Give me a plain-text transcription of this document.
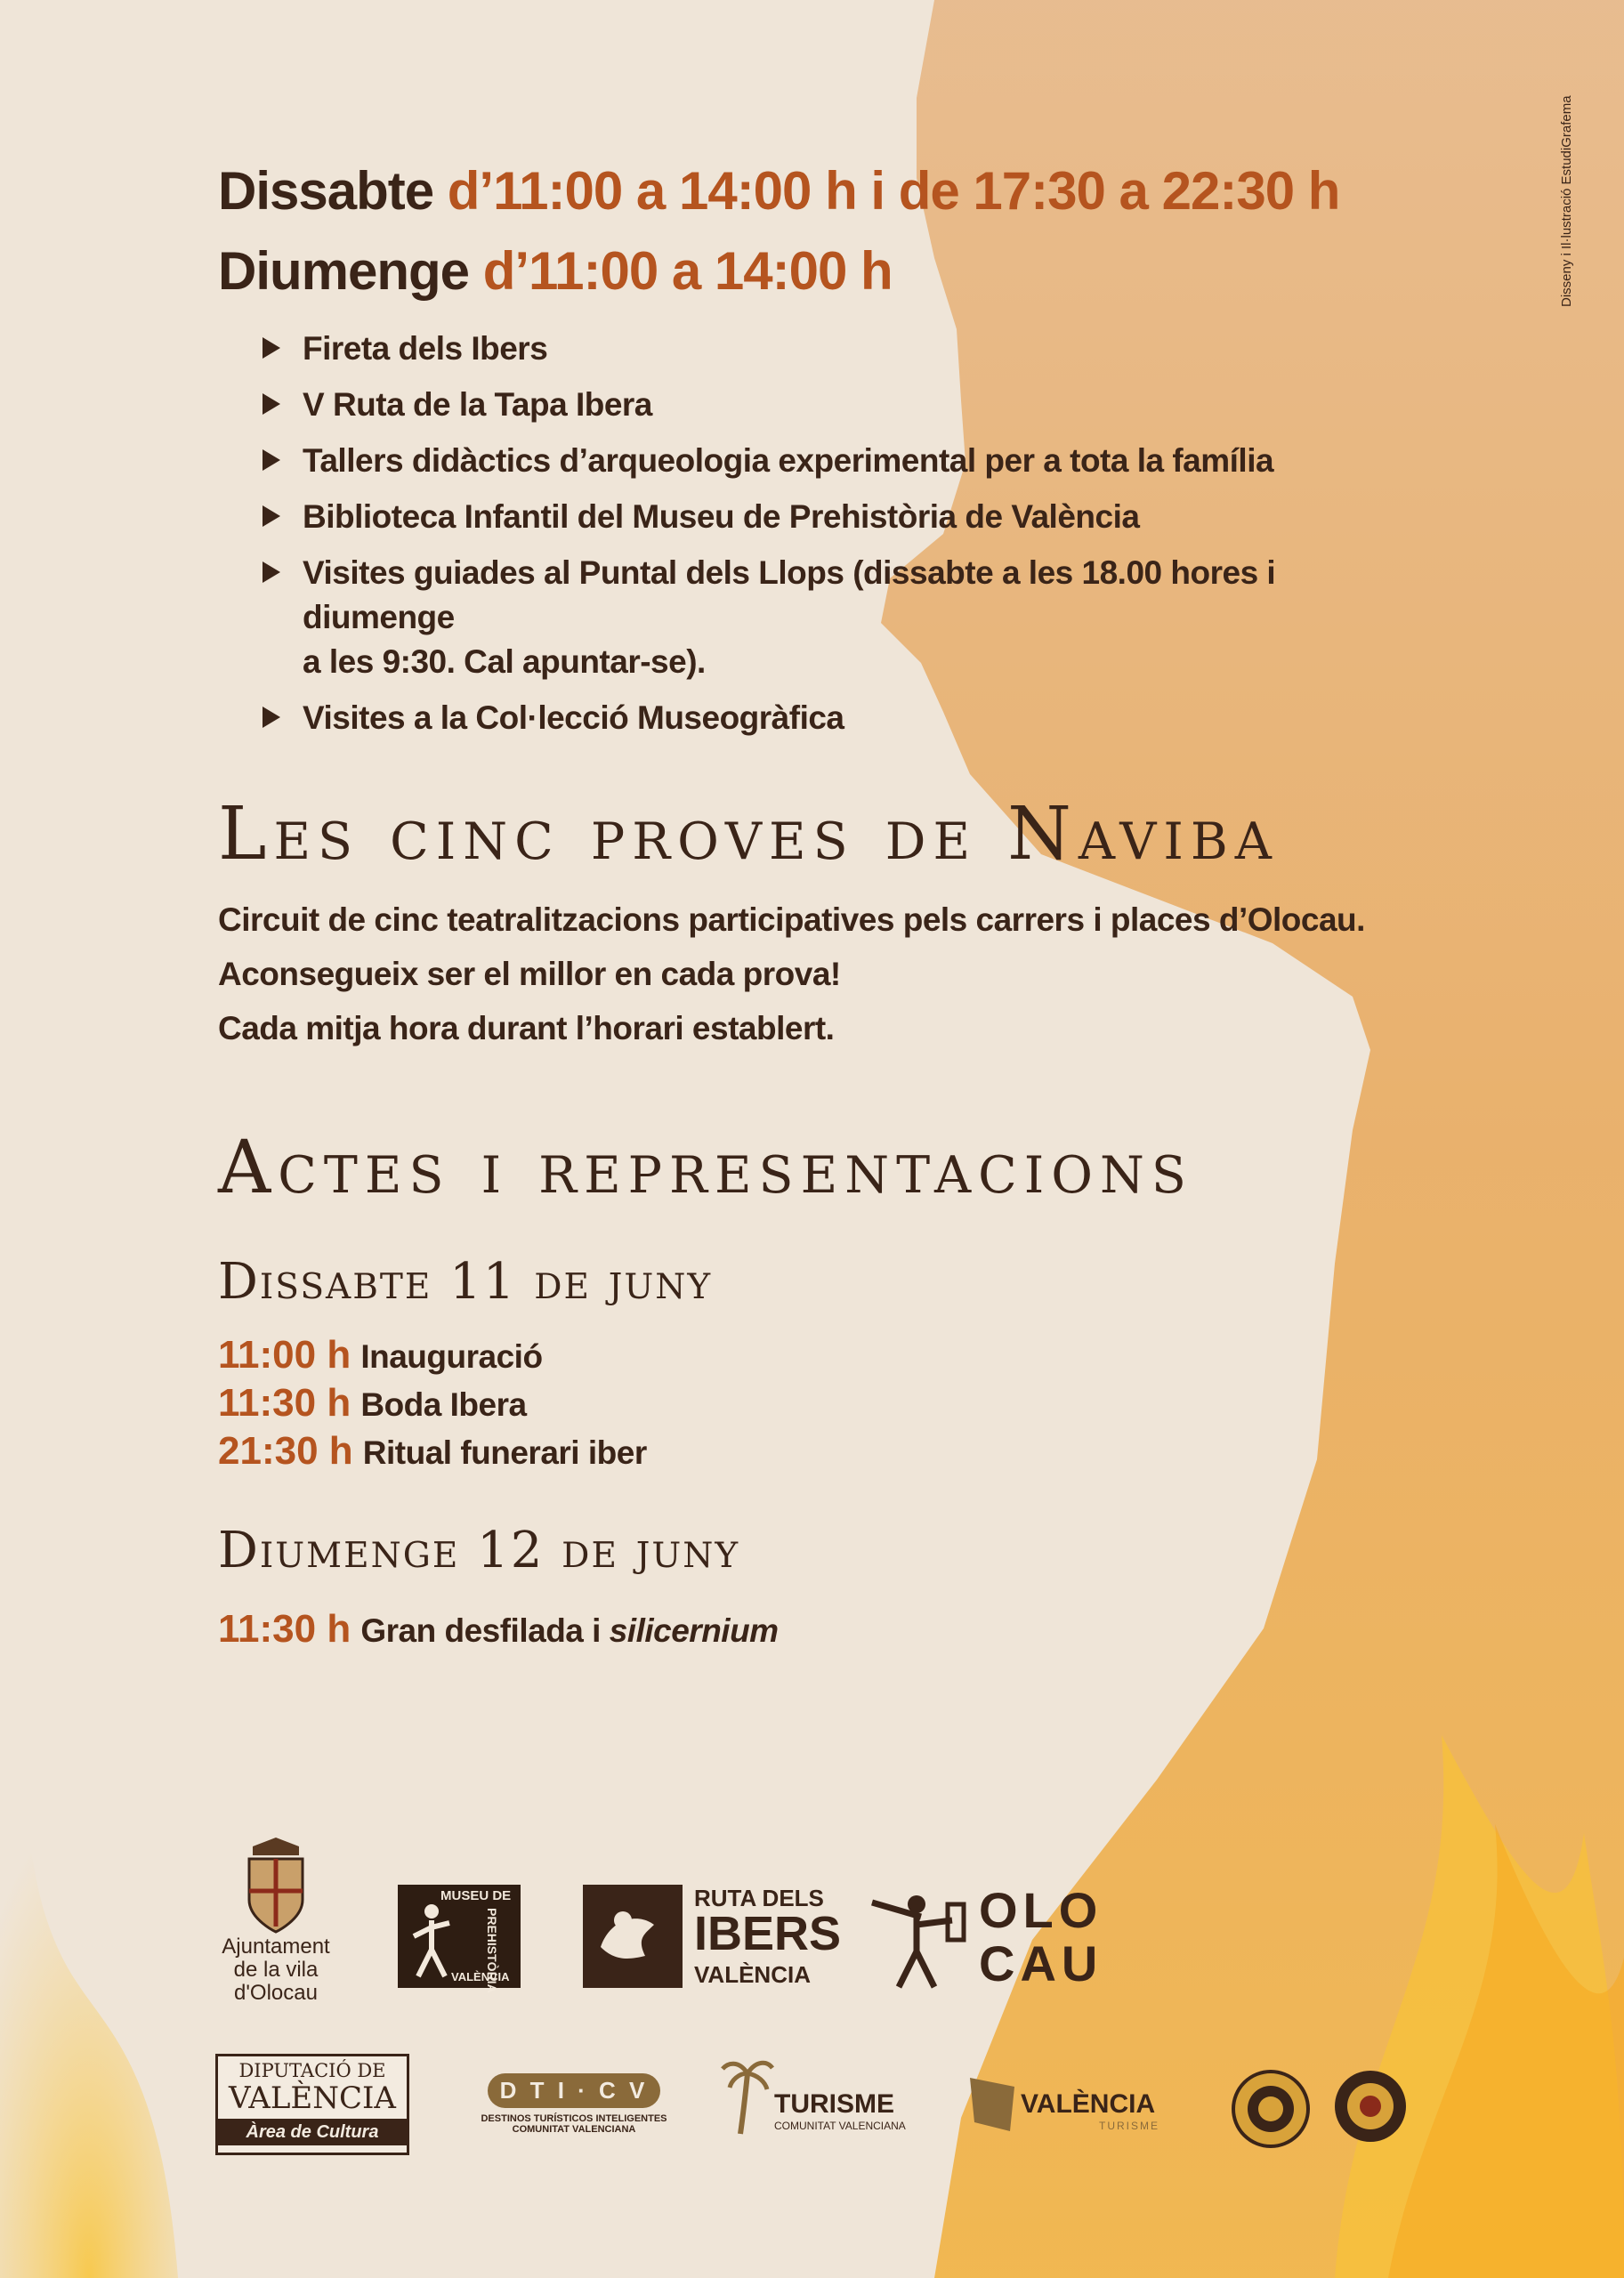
Disseny i Il·lustració EstudiGrafema
Dissabte d’11:00 a 14:00 h i de 17:30 a 22:30 h
Diumenge d’11:00 a 14:00 h
Fireta dels Ibers
V Ruta de la Tapa Ibera
Tallers didàctics d’arqueologia experimental per a tota la família
Biblioteca Infantil del Museu de Prehistòria de València
Visites guiades al Puntal dels Llops (dissabte a les 18.00 hores i diumenge
a les 9:30. Cal apuntar-se).
Visites a la Col·lecció Museogràfica
Les cinc proves de Naviba
Circuit de cinc teatralitzacions participatives pels carrers i places d’Olocau.
Aconsegueix ser el millor en cada prova!
Cada mitja hora durant l’horari establert.
Actes i representacions
Dissabte 11 de juny
11:00 h Inauguració
11:30 h Boda Ibera
21:30 h Ritual funerari iber
Diumenge 12 de juny
11:30 h Gran desfilada i silicernium
Ajuntament
de la vila
d'Olocau
MUSEU DE
PREHISTÒRIA
VALÈNCIA
RUTA DELS
IBERS
VALÈNCIA
OLO
CAU
DIPUTACIÓ DE
VALÈNCIA
Àrea de Cultura
D T I · C V
DESTINOS TURÍSTICOS INTELIGENTES
COMUNITAT VALENCIANA
TURISME
COMUNITAT VALENCIANA
VALÈNCIA
TURISME
